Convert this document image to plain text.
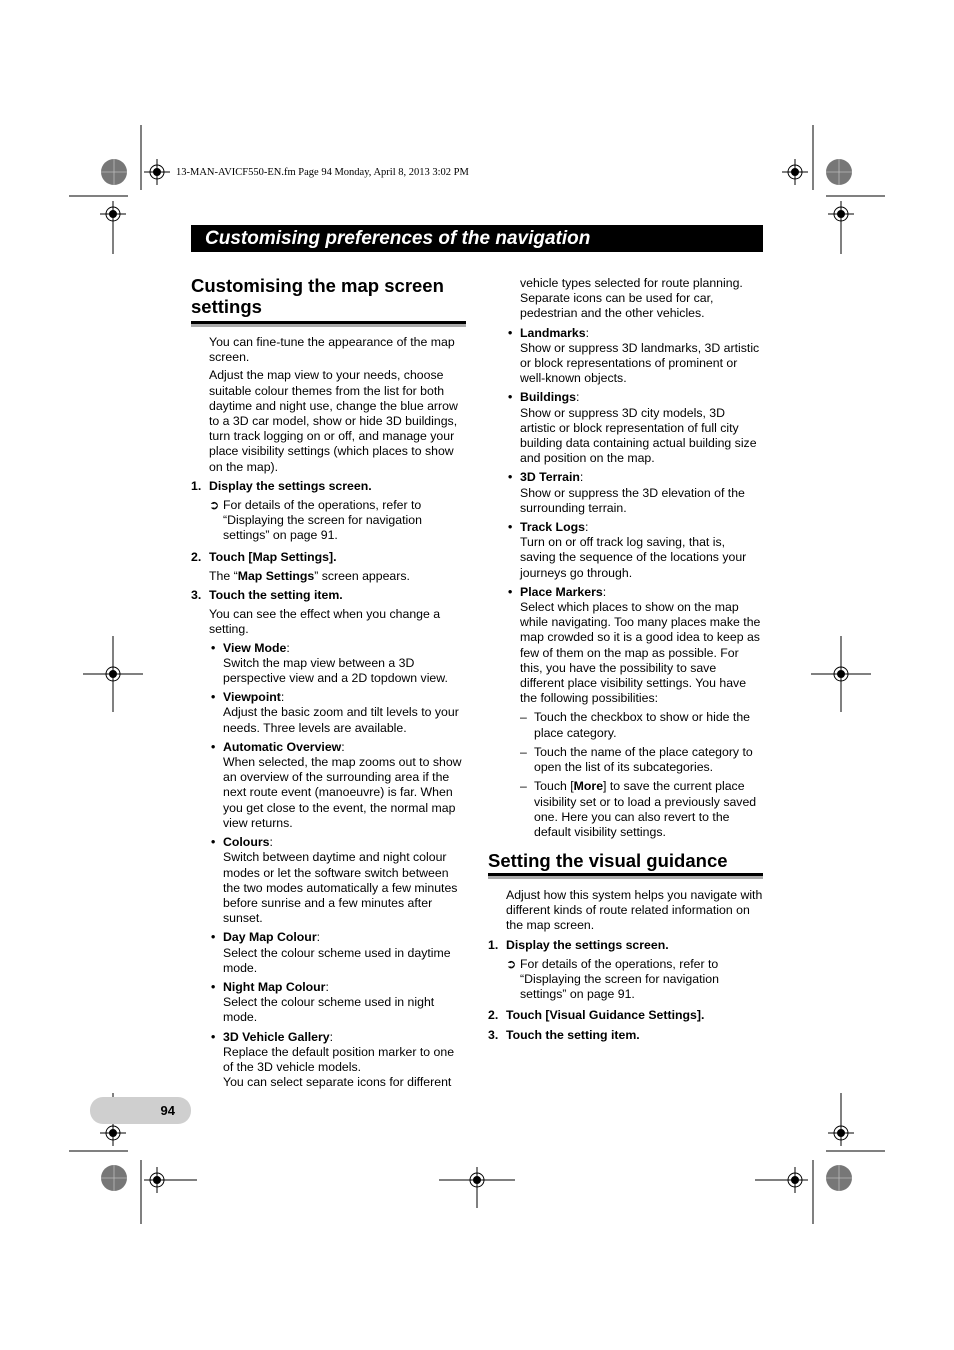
13-MAN-AVICF550-EN.fm Page 94 Monday, April 8, 2013 3:02 PM
Customising preferences of the navigation
Customising the map screen settings

You can fine-tune the appearance of the map screen.

Adjust the map view to your needs, choose suitable colour themes from the list for both daytime and night use, change the blue arrow to a 3D car model, show or hide 3D buildings, turn track logging on or off, and manage your place visibility settings (which places to show on the map).

1. Display the settings screen.
➲ For details of the operations, refer to “Displaying the screen for navigation settings” on page 91.
2. Touch [Map Settings].

The “Map Settings” screen appears.

3. Touch the setting item.

You can see the effect when you change a setting.

• View Mode:
Switch the map view between a 3D perspective view and a 2D topdown view.
• Viewpoint:
Adjust the basic zoom and tilt levels to your needs. Three levels are available.
• Automatic Overview:
When selected, the map zooms out to show an overview of the surrounding area if the next route event (manoeuvre) is far. When you get close to the event, the normal map view returns.
• Colours:
Switch between daytime and night colour modes or let the software switch between the two modes automatically a few minutes before sunrise and a few minutes after sunset.
• Day Map Colour:
Select the colour scheme used in daytime mode.
• Night Map Colour:
Select the colour scheme used in night mode.
• 3D Vehicle Gallery:
Replace the default position marker to one of the 3D vehicle models.
You can select separate icons for different

vehicle types selected for route planning. Separate icons can be used for car, pedestrian and the other vehicles.

• Landmarks:
Show or suppress 3D landmarks, 3D artistic or block representations of prominent or well-known objects.
• Buildings:
Show or suppress 3D city models, 3D artistic or block representation of full city building data containing actual building size and position on the map.
• 3D Terrain:
Show or suppress the 3D elevation of the surrounding terrain.
• Track Logs:
Turn on or off track log saving, that is, saving the sequence of the locations your journeys go through.
• Place Markers:
Select which places to show on the map while navigating. Too many places make the map crowded so it is a good idea to keep as few of them on the map as possible. For this, you have the possibility to save different place visibility settings. You have the following possibilities:
– Touch the checkbox to show or hide the place category.
– Touch the name of the place category to open the list of its subcategories.
– Touch [More] to save the current place visibility set or to load a previously saved one. Here you can also revert to the default visibility settings.
Setting the visual guidance

Adjust how this system helps you navigate with different kinds of route related information on the map screen.

1. Display the settings screen.
➲ For details of the operations, refer to “Displaying the screen for navigation settings” on page 91.
2. Touch [Visual Guidance Settings].
3. Touch the setting item.
94
